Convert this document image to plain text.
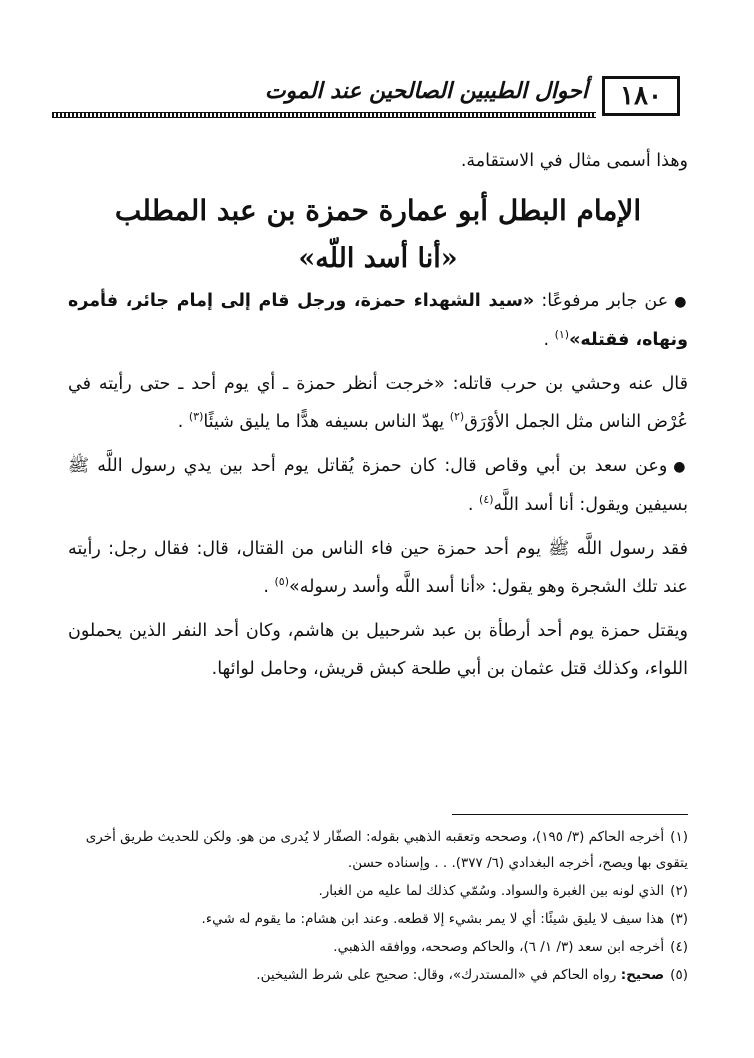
١٨٠
أحوال الطيبين الصالحين عند الموت

وهذا أسمى مثال في الاستقامة.

الإمام البطل أبو عمارة حمزة بن عبد المطلب

«أنا أسد اللّه»

●عن جابر مرفوعًا: «سيد الشهداء حمزة، ورجل قام إلى إمام جائر، فأمره ونهاه، فقتله»$^{(١)}$ .

قال عنه وحشي بن حرب قاتله: «خرجت أنظر حمزة ـ أي يوم أحد ـ حتى رأيته في عُرْض الناس مثل الجمل الأوْرَق$^{(٢)}$ يهدّ الناس بسيفه هدًّا ما يليق شيئًا$^{(٣)}$ .

●وعن سعد بن أبي وقاص قال: كان حمزة يُقاتل يوم أحد بين يدي رسول اللَّه ﷺ بسيفين ويقول: أنا أسد اللَّه$^{(٤)}$ .

فقد رسول اللَّه ﷺ يوم أحد حمزة حين فاء الناس من القتال، قال: فقال رجل: رأيته عند تلك الشجرة وهو يقول: «أنا أسد اللَّه وأسد رسوله»$^{(٥)}$ .

ويقتل حمزة يوم أحد أرطأة بن عبد شرحبيل بن هاشم، وكان أحد النفر الذين يحملون اللواء، وكذلك قتل عثمان بن أبي طلحة كبش قريش، وحامل لوائها.

(١)أخرجه الحاكم (٣/ ١٩٥)، وصححه وتعقبه الذهبي بقوله: الصفّار لا يُدرى من هو. ولكن للحديث طريق أخرى يتقوى بها ويصح، أخرجه البغدادي (٦/ ٣٧٧). . . وإسناده حسن.

(٢)الذي لونه بين الغبرة والسواد. وسُمّي كذلك لما عليه من الغبار.

(٣)هذا سيف لا يليق شيئًا: أي لا يمر بشيء إلا قطعه. وعند ابن هشام: ما يقوم له شيء.

(٤)أخرجه ابن سعد (٣/ ١/ ٦)، والحاكم وصححه، ووافقه الذهبي.

(٥)صحيح: رواه الحاكم في «المستدرك»، وقال: صحيح على شرط الشيخين.
